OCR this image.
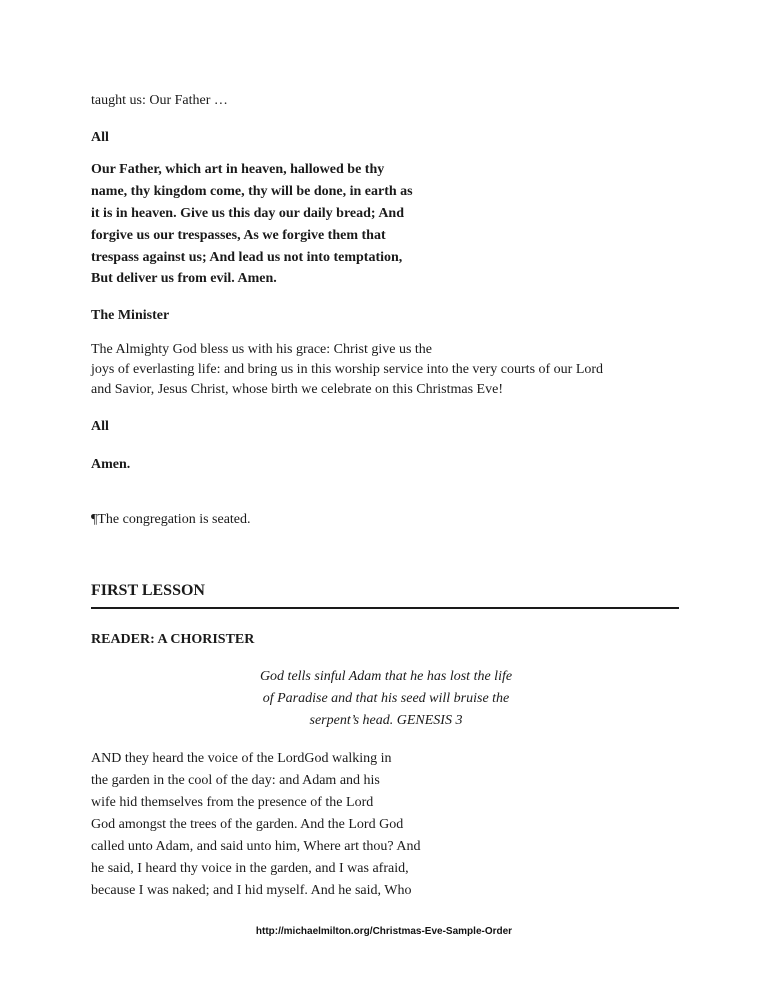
taught us: Our Father …
All
Our Father, which art in heaven, hallowed be thy
name, thy kingdom come, thy will be done, in earth as
it is in heaven. Give us this day our daily bread; And
forgive us our trespasses, As we forgive them that
trespass against us; And lead us not into temptation,
But deliver us from evil. Amen.
The Minister
The Almighty God bless us with his grace: Christ give us the
joys of everlasting life: and bring us in this worship service into the very courts of our Lord
and Savior, Jesus Christ, whose birth we celebrate on this Christmas Eve!
All
Amen.
¶The congregation is seated.
FIRST LESSON
READER: A CHORISTER
God tells sinful Adam that he has lost the life
of Paradise and that his seed will bruise the
serpent’s head. GENESIS 3
AND they heard the voice of the LordGod walking in
the garden in the cool of the day: and Adam and his
wife hid themselves from the presence of the Lord
God amongst the trees of the garden. And the Lord God
called unto Adam, and said unto him, Where art thou? And
he said, I heard thy voice in the garden, and I was afraid,
because I was naked; and I hid myself. And he said, Who
http://michaelmilton.org/Christmas-Eve-Sample-Order
